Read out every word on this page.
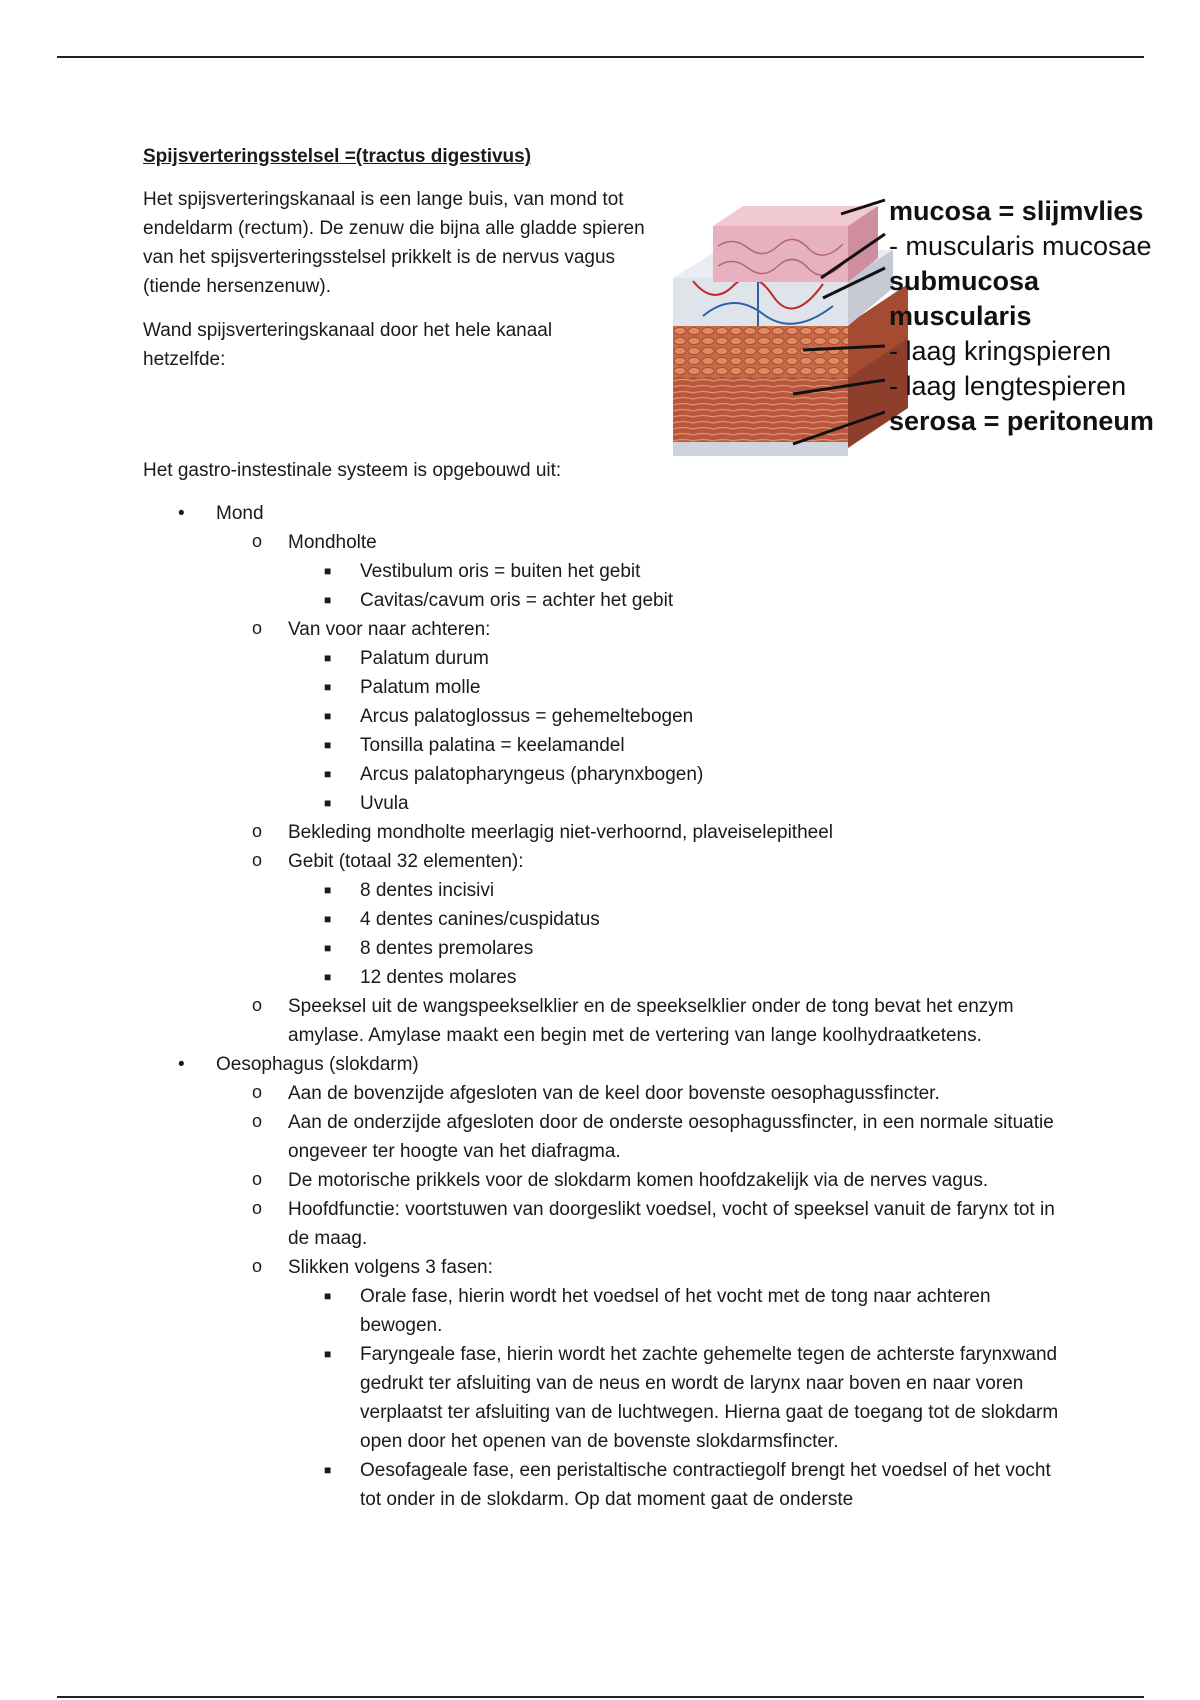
mucosa = slijmvlies
- muscularis mucosae
submucosa
muscularis
- laag kringspieren
- laag lengtespieren
serosa = peritoneum
Spijsverteringsstelsel =(tractus digestivus)

Het spijsverteringskanaal is een lange buis, van mond tot endeldarm (rectum). De zenuw die bijna alle gladde spieren van het spijsverteringsstelsel prikkelt is de nervus vagus (tiende hersenzenuw).

Wand spijsverteringskanaal door het hele kanaal hetzelfde:

Het gastro-instestinale systeem is opgebouwd uit:

• Mond
o Mondholte
■ Vestibulum oris = buiten het gebit
■ Cavitas/cavum oris = achter het gebit
o Van voor naar achteren:
■ Palatum durum
■ Palatum molle
■ Arcus palatoglossus = gehemeltebogen
■ Tonsilla palatina = keelamandel
■ Arcus palatopharyngeus (pharynxbogen)
■ Uvula
o Bekleding mondholte meerlagig niet-verhoornd, plaveiselepitheel
o Gebit (totaal 32 elementen):
■ 8 dentes incisivi
■ 4 dentes canines/cuspidatus
■ 8 dentes premolares
■ 12 dentes molares
o Speeksel uit de wangspeekselklier en de speekselklier onder de tong bevat het enzym amylase. Amylase maakt een begin met de vertering van lange koolhydraatketens.
• Oesophagus (slokdarm)
o Aan de bovenzijde afgesloten van de keel door bovenste oesophagussfincter.
o Aan de onderzijde afgesloten door de onderste oesophagussfincter, in een normale situatie ongeveer ter hoogte van het diafragma.
o De motorische prikkels voor de slokdarm komen hoofdzakelijk via de nerves vagus.
o Hoofdfunctie: voortstuwen van doorgeslikt voedsel, vocht of speeksel vanuit de farynx tot in de maag.
o Slikken volgens 3 fasen:
■ Orale fase, hierin wordt het voedsel of het vocht met de tong naar achteren bewogen.
■ Faryngeale fase, hierin wordt het zachte gehemelte tegen de achterste farynxwand gedrukt ter afsluiting van de neus en wordt de larynx naar boven en naar voren verplaatst ter afsluiting van de luchtwegen. Hierna gaat de toegang tot de slokdarm open door het openen van de bovenste slokdarmsfincter.
■ Oesofageale fase, een peristaltische contractiegolf brengt het voedsel of het vocht tot onder in de slokdarm. Op dat moment gaat de onderste
